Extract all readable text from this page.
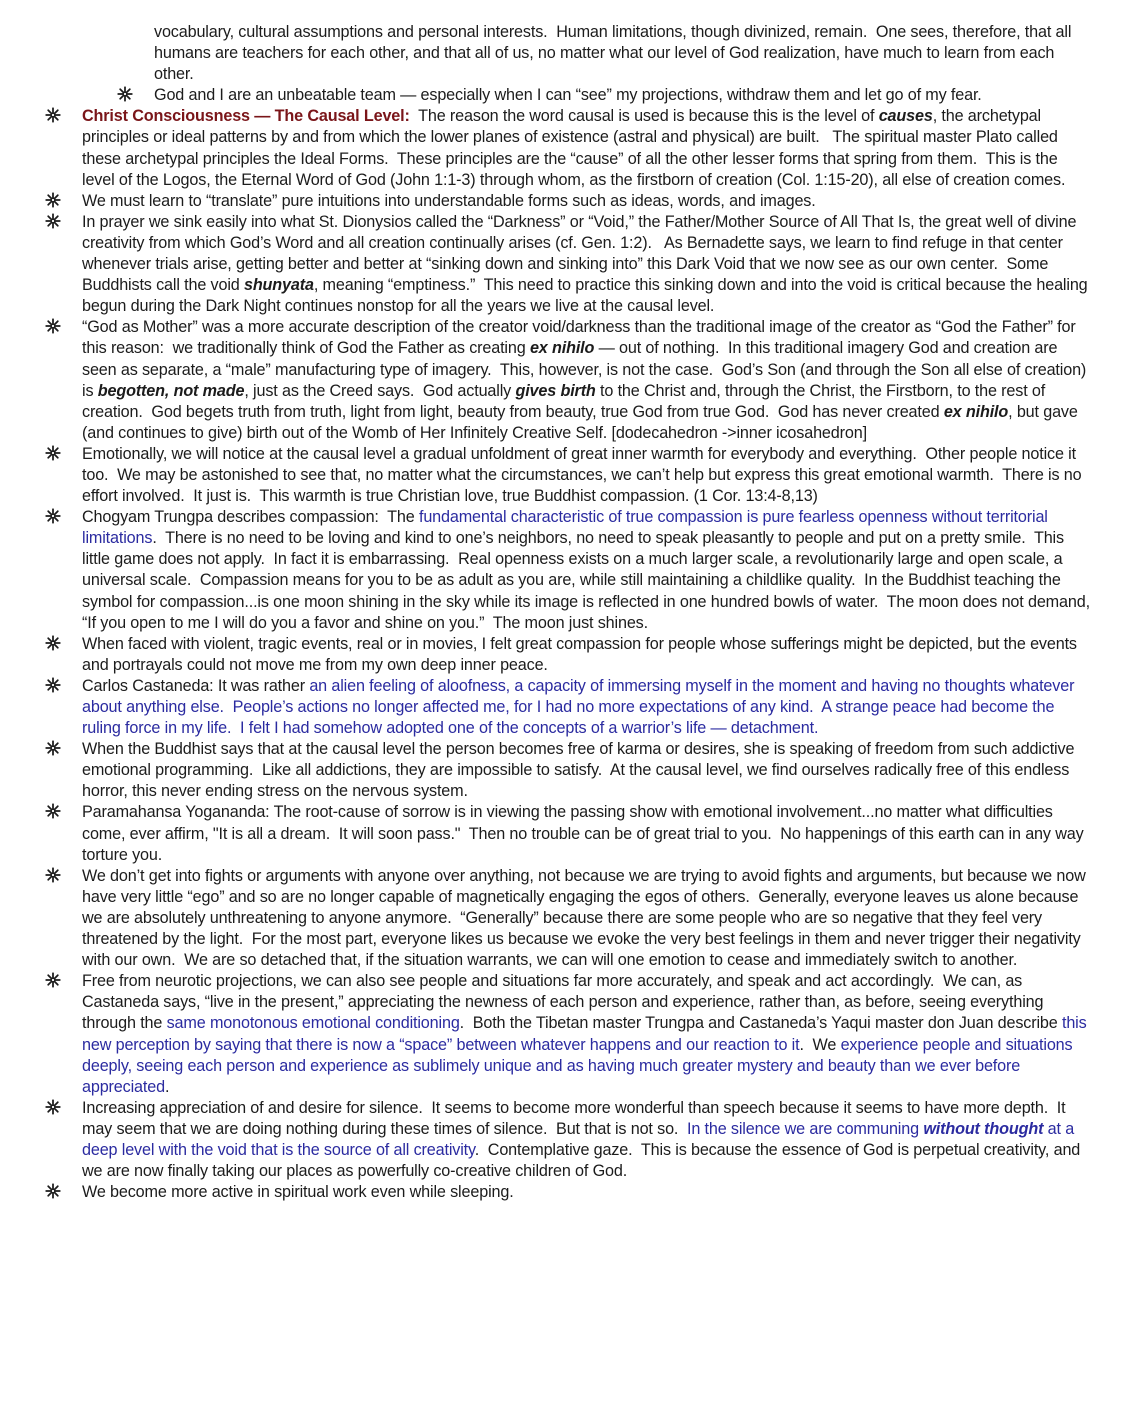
vocabulary, cultural assumptions and personal interests.  Human limitations, though divinized, remain.  One sees, therefore, that all humans are teachers for each other, and that all of us, no matter what our level of God realization, have much to learn from each other.
God and I are an unbeatable team — especially when I can “see” my projections, withdraw them and let go of my fear.
Christ Consciousness — The Causal Level:  The reason the word causal is used is because this is the level of causes, the archetypal principles or ideal patterns by and from which the lower planes of existence (astral and physical) are built.   The spiritual master Plato called these archetypal principles the Ideal Forms.  These principles are the “cause” of all the other lesser forms that spring from them.  This is the level of the Logos, the Eternal Word of God (John 1:1-3) through whom, as the firstborn of creation (Col. 1:15-20), all else of creation comes.
We must learn to “translate” pure intuitions into understandable forms such as ideas, words, and images.
In prayer we sink easily into what St. Dionysios called the “Darkness” or “Void,” the Father/Mother Source of All That Is, the great well of divine creativity from which God’s Word and all creation continually arises (cf. Gen. 1:2).   As Bernadette says, we learn to find refuge in that center whenever trials arise, getting better and better at “sinking down and sinking into” this Dark Void that we now see as our own center.  Some Buddhists call the void shunyata, meaning “emptiness.”  This need to practice this sinking down and into the void is critical because the healing begun during the Dark Night continues nonstop for all the years we live at the causal level.
“God as Mother” was a more accurate description of the creator void/darkness than the traditional image of the creator as “God the Father” for this reason:  we traditionally think of God the Father as creating ex nihilo — out of nothing.  In this traditional imagery God and creation are seen as separate, a “male” manufacturing type of imagery.  This, however, is not the case.  God’s Son (and through the Son all else of creation) is begotten, not made, just as the Creed says.  God actually gives birth to the Christ and, through the Christ, the Firstborn, to the rest of creation.  God begets truth from truth, light from light, beauty from beauty, true God from true God.  God has never created ex nihilo, but gave (and continues to give) birth out of the Womb of Her Infinitely Creative Self. [dodecahedron ->inner icosahedron]
Emotionally, we will notice at the causal level a gradual unfoldment of great inner warmth for everybody and everything.  Other people notice it too.  We may be astonished to see that, no matter what the circumstances, we can’t help but express this great emotional warmth.  There is no effort involved.  It just is.  This warmth is true Christian love, true Buddhist compassion. (1 Cor. 13:4-8,13)
Chogyam Trungpa describes compassion:  The fundamental characteristic of true compassion is pure fearless openness without territorial limitations.  There is no need to be loving and kind to one’s neighbors, no need to speak pleasantly to people and put on a pretty smile.  This little game does not apply.  In fact it is embarrassing.  Real openness exists on a much larger scale, a revolutionarily large and open scale, a universal scale.  Compassion means for you to be as adult as you are, while still maintaining a childlike quality.  In the Buddhist teaching the symbol for compassion...is one moon shining in the sky while its image is reflected in one hundred bowls of water.  The moon does not demand, “If you open to me I will do you a favor and shine on you.”  The moon just shines.
When faced with violent, tragic events, real or in movies, I felt great compassion for people whose sufferings might be depicted, but the events and portrayals could not move me from my own deep inner peace.
Carlos Castaneda: It was rather an alien feeling of aloofness, a capacity of immersing myself in the moment and having no thoughts whatever about anything else.  People’s actions no longer affected me, for I had no more expectations of any kind.  A strange peace had become the ruling force in my life.  I felt I had somehow adopted one of the concepts of a warrior’s life — detachment.
When the Buddhist says that at the causal level the person becomes free of karma or desires, she is speaking of freedom from such addictive emotional programming.  Like all addictions, they are impossible to satisfy.  At the causal level, we find ourselves radically free of this endless horror, this never ending stress on the nervous system.
Paramahansa Yogananda: The root-cause of sorrow is in viewing the passing show with emotional involvement...no matter what difficulties come, ever affirm, "It is all a dream.  It will soon pass."  Then no trouble can be of great trial to you.  No happenings of this earth can in any way torture you.
We don’t get into fights or arguments with anyone over anything, not because we are trying to avoid fights and arguments, but because we now have very little “ego” and so are no longer capable of magnetically engaging the egos of others.  Generally, everyone leaves us alone because we are absolutely unthreatening to anyone anymore.  “Generally” because there are some people who are so negative that they feel very threatened by the light.  For the most part, everyone likes us because we evoke the very best feelings in them and never trigger their negativity with our own.  We are so detached that, if the situation warrants, we can will one emotion to cease and immediately switch to another.
Free from neurotic projections, we can also see people and situations far more accurately, and speak and act accordingly.  We can, as Castaneda says, “live in the present,” appreciating the newness of each person and experience, rather than, as before, seeing everything through the same monotonous emotional conditioning.  Both the Tibetan master Trungpa and Castaneda’s Yaqui master don Juan describe this new perception by saying that there is now a “space” between whatever happens and our reaction to it.  We experience people and situations deeply, seeing each person and experience as sublimely unique and as having much greater mystery and beauty than we ever before appreciated.
Increasing appreciation of and desire for silence.  It seems to become more wonderful than speech because it seems to have more depth.  It may seem that we are doing nothing during these times of silence.  But that is not so.  In the silence we are communing without thought at a deep level with the void that is the source of all creativity.  Contemplative gaze.  This is because the essence of God is perpetual creativity, and we are now finally taking our places as powerfully co-creative children of God.
We become more active in spiritual work even while sleeping.
